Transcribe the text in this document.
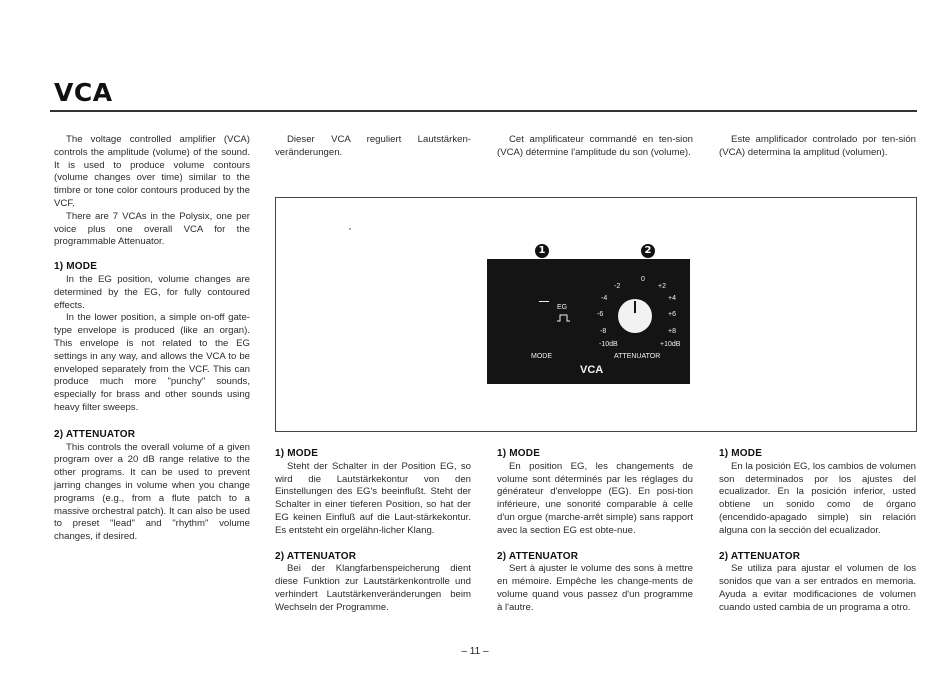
VCA

The voltage controlled amplifier (VCA) controls the amplitude (volume) of the sound. It is used to produce volume contours (volume changes over time) similar to the timbre or tone color contours produced by the VCF.

There are 7 VCAs in the Polysix, one per voice plus one overall VCA for the programmable Attenuator.

1) MODE

In the EG position, volume changes are determined by the EG, for fully contoured effects.

In the lower position, a simple on-off gate-type envelope is produced (like an organ). This envelope is not related to the EG settings in any way, and allows the VCA to be enveloped separately from the VCF. This can produce much more "punchy" sounds, especially for brass and other sounds using heavy filter sweeps.

2) ATTENUATOR

This controls the overall volume of a given program over a 20 dB range relative to the other programs. It can be used to prevent jarring changes in volume when you change programs (e.g., from a flute patch to a massive orchestral patch). It can also be used to preset "lead" and "rhythm" volume changes, if desired.

Dieser VCA reguliert Lautstärken-veränderungen.

Cet amplificateur commandé en ten-sion (VCA) détermine l'amplitude du son (volume).

Este amplificador controlado por ten-sión (VCA) determina la amplitud (volumen).

1	2
EG
MODE
0
-2
-4
-6
-8
-10dB
+2
+4
+6
+8
+10dB
ATTENUATOR
VCA
1) MODE

Steht der Schalter in der Position EG, so wird die Lautstärkekontur von den Einstellungen des EG's beeinflußt. Steht der Schalter in einer tieferen Position, so hat der EG keinen Einfluß auf die Laut-stärkekontur. Es entsteht ein orgelähn-licher Klang.

2) ATTENUATOR

Bei der Klangfarbenspeicherung dient diese Funktion zur Lautstärkenkontrolle und verhindert Lautstärkenveränderungen beim Wechseln der Programme.

1) MODE

En position EG, les changements de volume sont déterminés par les réglages du générateur d'enveloppe (EG). En posi-tion inférieure, une sonorité comparable à celle d'un orgue (marche-arrêt simple) sans rapport avec la section EG est obte-nue.

2) ATTENUATOR

Sert à ajuster le volume des sons à mettre en mémoire. Empêche les change-ments de volume quand vous passez d'un programme à l'autre.

1) MODE

En la posición EG, los cambios de volumen son determinados por los ajustes del ecualizador. En la posición inferior, usted obtiene un sonido como de órgano (encendido-apagado simple) sin relación alguna con la sección del ecualizador.

2) ATTENUATOR

Se utiliza para ajustar el volumen de los sonidos que van a ser entrados en memoria. Ayuda a evitar modificaciones de volumen cuando usted cambia de un programa a otro.

– 11 –
